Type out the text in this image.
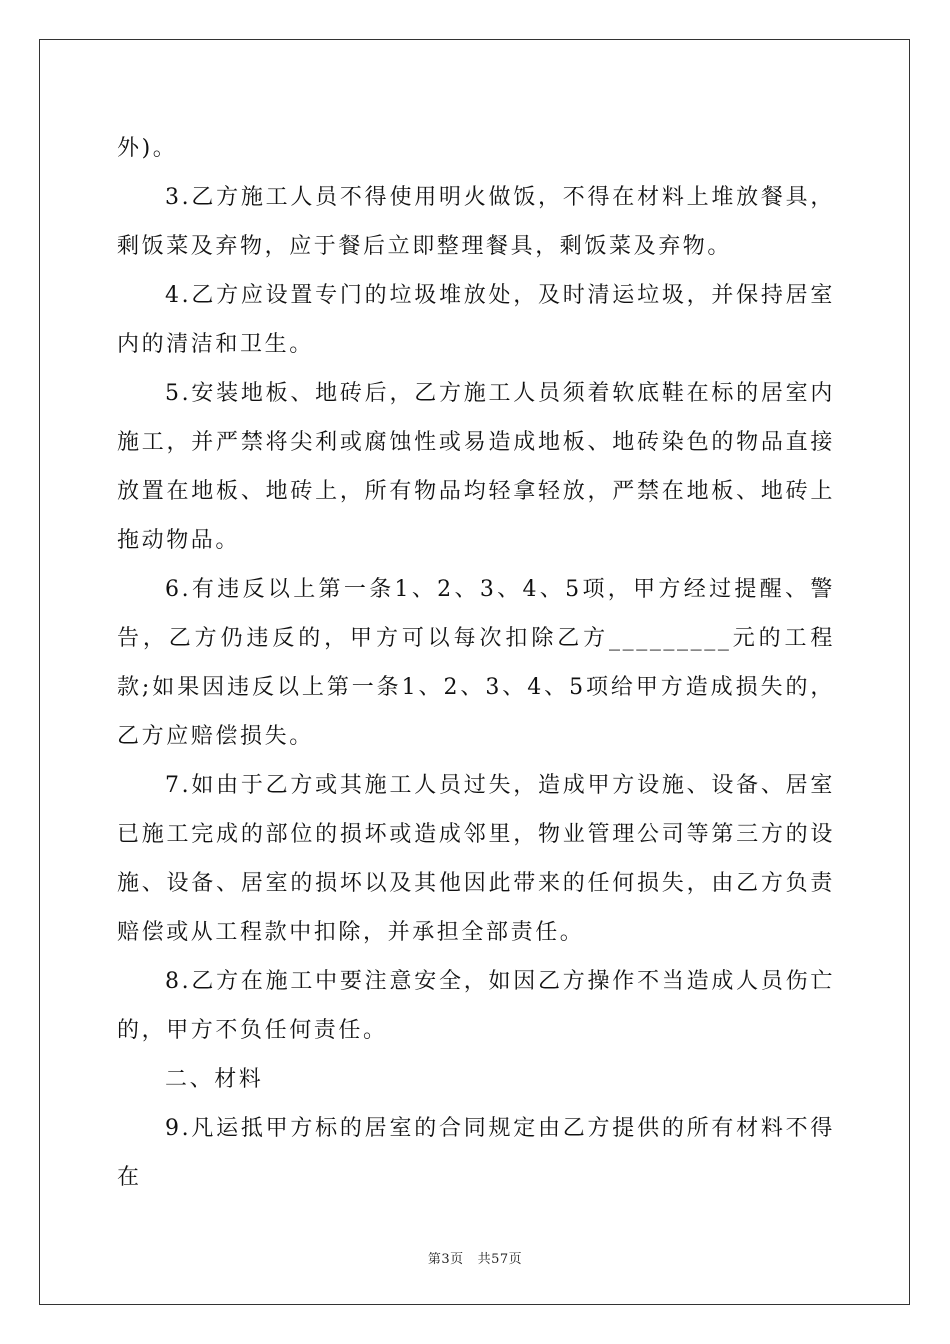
外)。

3.乙方施工人员不得使用明火做饭，不得在材料上堆放餐具，剩饭菜及弃物，应于餐后立即整理餐具，剩饭菜及弃物。

4.乙方应设置专门的垃圾堆放处，及时清运垃圾，并保持居室内的清洁和卫生。

5.安装地板、地砖后，乙方施工人员须着软底鞋在标的居室内施工，并严禁将尖利或腐蚀性或易造成地板、地砖染色的物品直接放置在地板、地砖上，所有物品均轻拿轻放，严禁在地板、地砖上拖动物品。

6.有违反以上第一条1、2、3、4、5项，甲方经过提醒、警告，乙方仍违反的，甲方可以每次扣除乙方_________元的工程款;如果因违反以上第一条1、2、3、4、5项给甲方造成损失的，乙方应赔偿损失。

7.如由于乙方或其施工人员过失，造成甲方设施、设备、居室已施工完成的部位的损坏或造成邻里，物业管理公司等第三方的设施、设备、居室的损坏以及其他因此带来的任何损失，由乙方负责赔偿或从工程款中扣除，并承担全部责任。

8.乙方在施工中要注意安全，如因乙方操作不当造成人员伤亡的，甲方不负任何责任。

二、材料

9.凡运抵甲方标的居室的合同规定由乙方提供的所有材料不得在

第3页 共57页
